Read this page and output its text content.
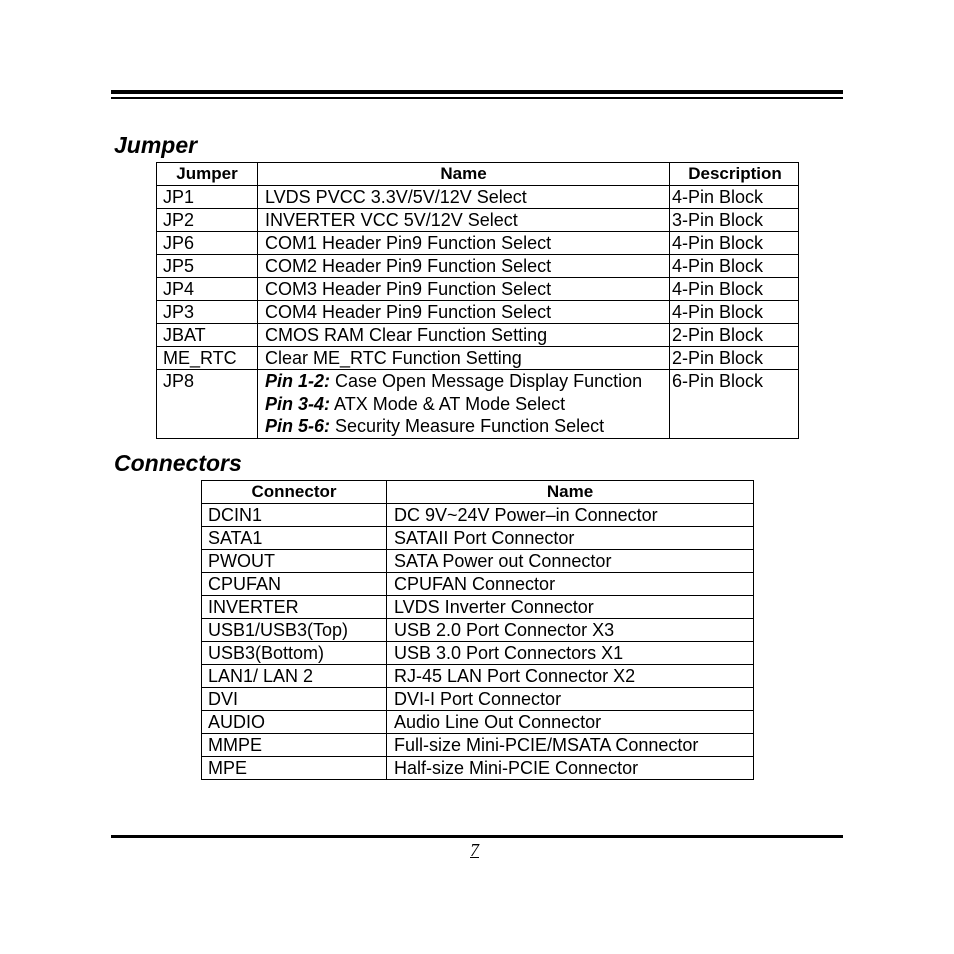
Jumper
Jumper	Name	Description
JP1	LVDS PVCC 3.3V/5V/12V Select	4-Pin Block
JP2	INVERTER VCC 5V/12V Select	3-Pin Block
JP6	COM1 Header Pin9 Function Select	4-Pin Block
JP5	COM2 Header Pin9 Function Select	4-Pin Block
JP4	COM3 Header Pin9 Function Select	4-Pin Block
JP3	COM4 Header Pin9 Function Select	4-Pin Block
JBAT	CMOS RAM Clear Function Setting	2-Pin Block
ME_RTC	Clear ME_RTC Function Setting	2-Pin Block
JP8	Pin 1-2: Case Open Message Display Function
Pin 3-4: ATX Mode & AT Mode Select
Pin 5-6: Security Measure Function Select	6-Pin Block
Connectors
Connector	Name
DCIN1	DC 9V~24V Power–in Connector
SATA1	SATAII Port Connector
PWOUT	SATA Power out Connector
CPUFAN	CPUFAN Connector
INVERTER	LVDS Inverter Connector
USB1/USB3(Top)	USB 2.0 Port Connector X3
USB3(Bottom)	USB 3.0 Port Connectors X1
LAN1/ LAN 2	RJ-45 LAN Port Connector X2
DVI	DVI-I Port Connector
AUDIO	Audio Line Out Connector
MMPE	Full-size Mini-PCIE/MSATA Connector
MPE	Half-size Mini-PCIE Connector
7
